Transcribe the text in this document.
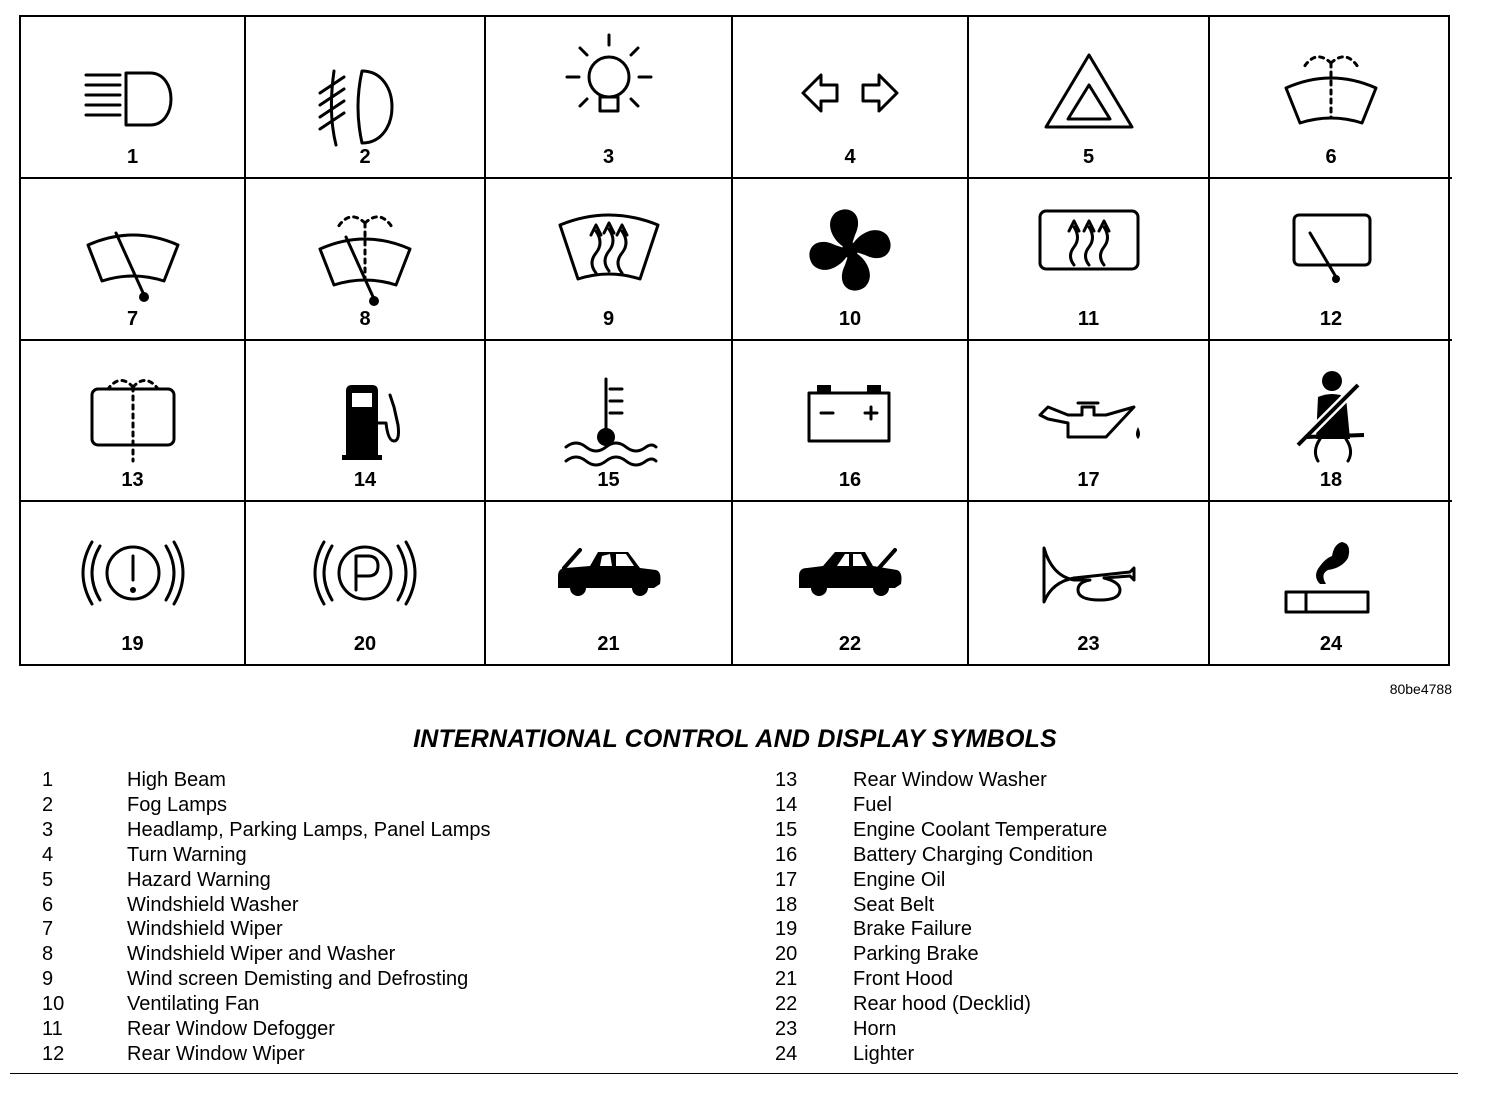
1	2	3	4	5	6
7	8	9	10	11	12
13	14	15	16	17	18
19	20	21	22	23	24
80be4788
INTERNATIONAL CONTROL AND DISPLAY SYMBOLS
1	High Beam
2	Fog Lamps
3	Headlamp, Parking Lamps, Panel Lamps
4	Turn Warning
5	Hazard Warning
6	Windshield Washer
7	Windshield Wiper
8	Windshield Wiper and Washer
9	Wind screen Demisting and Defrosting
10	Ventilating Fan
11	Rear Window Defogger
12	Rear Window Wiper
13	Rear Window Washer
14	Fuel
15	Engine Coolant Temperature
16	Battery Charging Condition
17	Engine Oil
18	Seat Belt
19	Brake Failure
20	Parking Brake
21	Front Hood
22	Rear hood (Decklid)
23	Horn
24	Lighter
